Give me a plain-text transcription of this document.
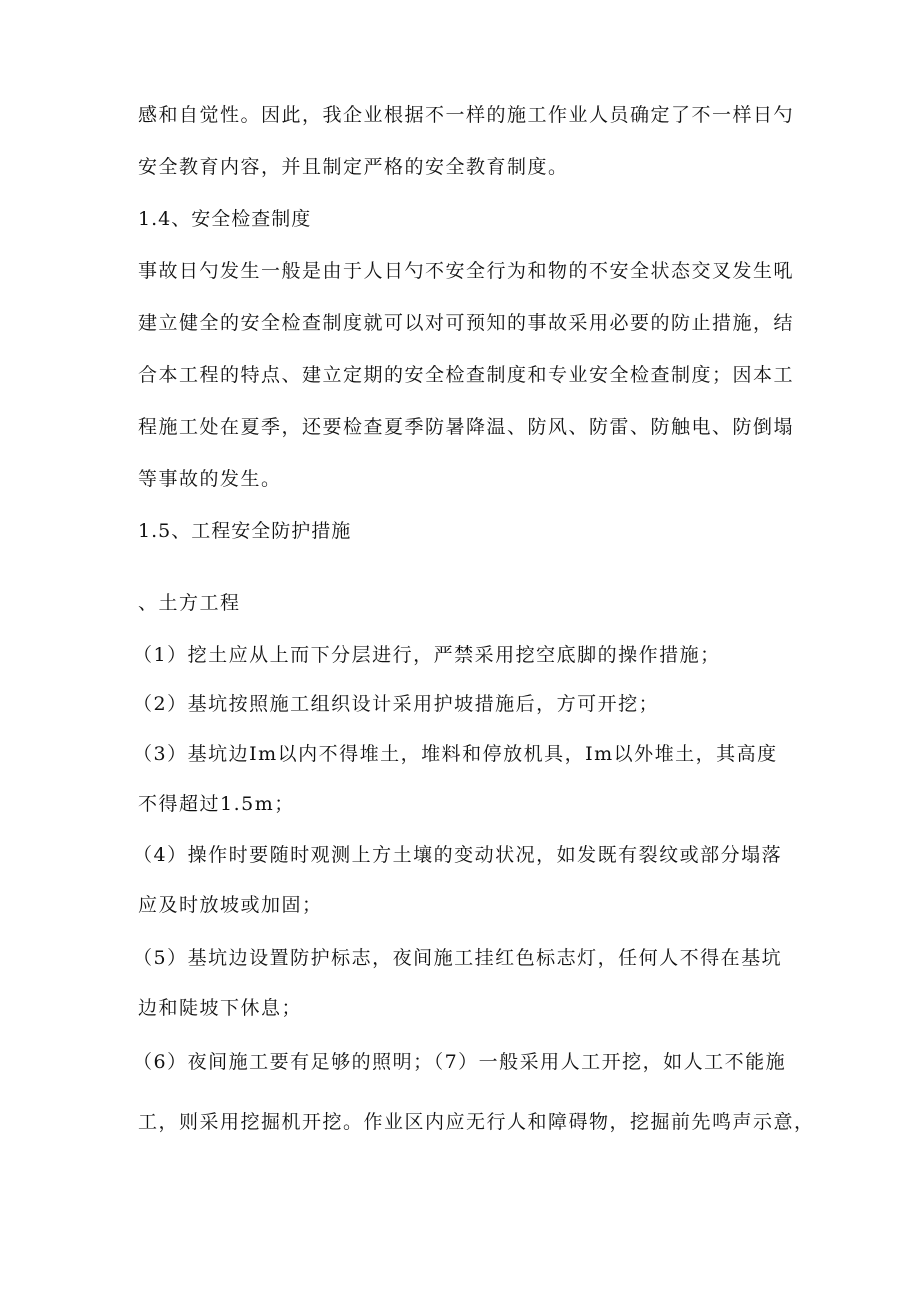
感和自觉性。因此，我企业根据不一样的施工作业人员确定了不一样日勺
安全教育内容，并且制定严格的安全教育制度。
1.4、安全检查制度
事故日勺发生一般是由于人日勺不安全行为和物的不安全状态交叉发生吼
建立健全的安全检查制度就可以对可预知的事故采用必要的防止措施，结
合本工程的特点、建立定期的安全检查制度和专业安全检查制度；因本工
程施工处在夏季，还要检查夏季防暑降温、防风、防雷、防触电、防倒塌
等事故的发生。
1.5、工程安全防护措施
、土方工程
（1）挖土应从上而下分层进行，严禁采用挖空底脚的操作措施；
（2）基坑按照施工组织设计采用护坡措施后，方可开挖；
（3）基坑边Im以内不得堆土，堆料和停放机具，Im以外堆土，其高度
不得超过1.5m；
（4）操作时要随时观测上方土壤的变动状况，如发既有裂纹或部分塌落
应及时放坡或加固；
（5）基坑边设置防护标志，夜间施工挂红色标志灯，任何人不得在基坑
边和陡坡下休息；
（6）夜间施工要有足够的照明；（7）一般采用人工开挖，如人工不能施
工，则采用挖掘机开挖。作业区内应无行人和障碍物，挖掘前先鸣声示意，
